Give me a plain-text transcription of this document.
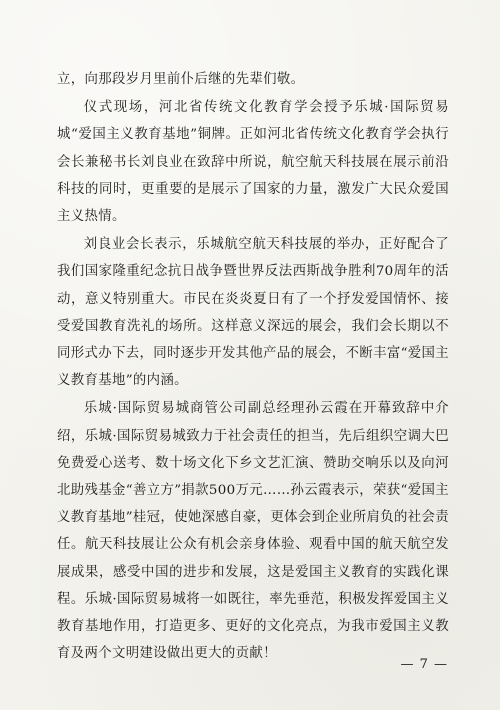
立，向那段岁月里前仆后继的先辈们敬。

仪式现场，河北省传统文化教育学会授予乐城·国际贸易城“爱国主义教育基地”铜牌。正如河北省传统文化教育学会执行会长兼秘书长刘良业在致辞中所说，航空航天科技展在展示前沿科技的同时，更重要的是展示了国家的力量，激发广大民众爱国主义热情。

刘良业会长表示，乐城航空航天科技展的举办，正好配合了我们国家隆重纪念抗日战争暨世界反法西斯战争胜利70周年的活动，意义特别重大。市民在炎炎夏日有了一个抒发爱国情怀、接受爱国教育洗礼的场所。这样意义深远的展会，我们会长期以不同形式办下去，同时逐步开发其他产品的展会，不断丰富“爱国主义教育基地”的内涵。

乐城·国际贸易城商管公司副总经理孙云霞在开幕致辞中介绍，乐城·国际贸易城致力于社会责任的担当，先后组织空调大巴免费爱心送考、数十场文化下乡文艺汇演、赞助交响乐以及向河北助残基金“善立方”捐款500万元……孙云霞表示，荣获“爱国主义教育基地”桂冠，使她深感自豪，更体会到企业所肩负的社会责任。航天科技展让公众有机会亲身体验、观看中国的航天航空发展成果，感受中国的进步和发展，这是爱国主义教育的实践化课程。乐城·国际贸易城将一如既往，率先垂范，积极发挥爱国主义教育基地作用，打造更多、更好的文化亮点，为我市爱国主义教育及两个文明建设做出更大的贡献！

— 7 —
